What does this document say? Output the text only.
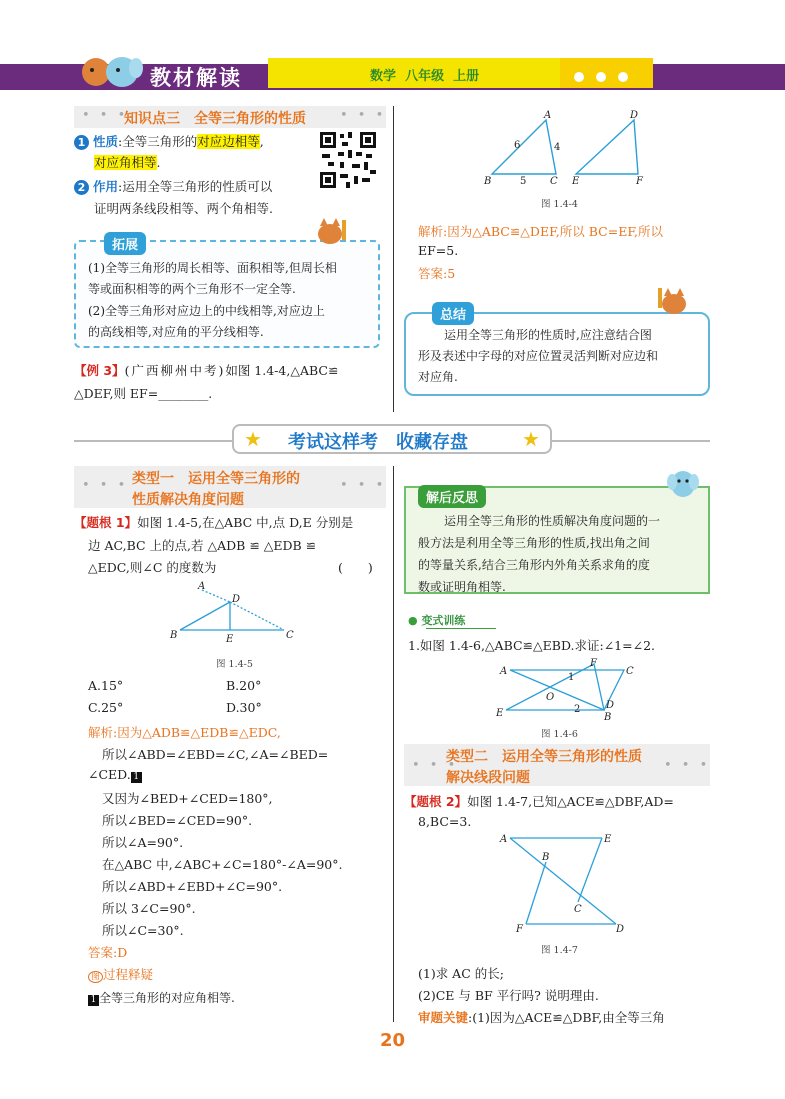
教材解读	数学 八年级 上册
• • •	• • •
知识点三　全等三角形的性质
1 性质:全等三角形的对应边相等,
对应角相等.
2 作用:运用全等三角形的性质可以
证明两条线段相等、两个角相等.
拓展
(1)全等三角形的周长相等、面积相等,但周长相
等或面积相等的两个三角形不一定全等.
(2)全等三角形对应边上的中线相等,对应边上
的高线相等,对应角的平分线相等.
【例 3】(广西柳州中考)如图 1.4-4,△ABC≌
△DEF,则 EF=________.
A
B	C
D
E	F
6	4
5
图 1.4-4
解析:因为△ABC≌△DEF,所以 BC=EF,所以
EF=5.
答案:5
总结
运用全等三角形的性质时,应注意结合图
形及表述中字母的对应位置灵活判断对应边和
对应角.
★	★
考试这样考　收藏存盘
• • •	• • •
类型一　运用全等三角形的
性质解决角度问题
【题根 1】如图 1.4-5,在△ABC 中,点 D,E 分别是
边 AC,BC 上的点,若 △ADB ≌ △EDB ≌
△EDC,则∠C 的度数为	(　　)
A
D
B	E	C
图 1.4-5
A.15°	B.20°
C.25°	D.30°
解析:因为△ADB≌△EDB≌△EDC,
所以∠ABD=∠EBD=∠C,∠A=∠BED=
∠CED. 1
又因为∠BED+∠CED=180°,
所以∠BED=∠CED=90°.
所以∠A=90°.
在△ABC 中,∠ABC+∠C=180°-∠A=90°.
所以∠ABD+∠EBD+∠C=90°.
所以 3∠C=90°.
所以∠C=30°.
答案:D
图 过程释疑
1 全等三角形的对应角相等.
解后反思
运用全等三角形的性质解决角度问题的一
般方法是利用全等三角形的性质,找出角之间
的等量关系,结合三角形内外角关系求角的度
数或证明角相等.
● 变式训练
1.如图 1.4-6,△ABC≌△EBD.求证:∠1=∠2.
A	C
F
E	B
D
O
1
2
图 1.4-6
• • •	• • •
类型二　运用全等三角形的性质
解决线段问题
【题根 2】如图 1.4-7,已知△ACE≌△DBF,AD=
8,BC=3.
A	E
B
C
F	D
图 1.4-7
(1)求 AC 的长;
(2)CE 与 BF 平行吗? 说明理由.
审题关键:(1)因为△ACE≌△DBF,由全等三角
20
